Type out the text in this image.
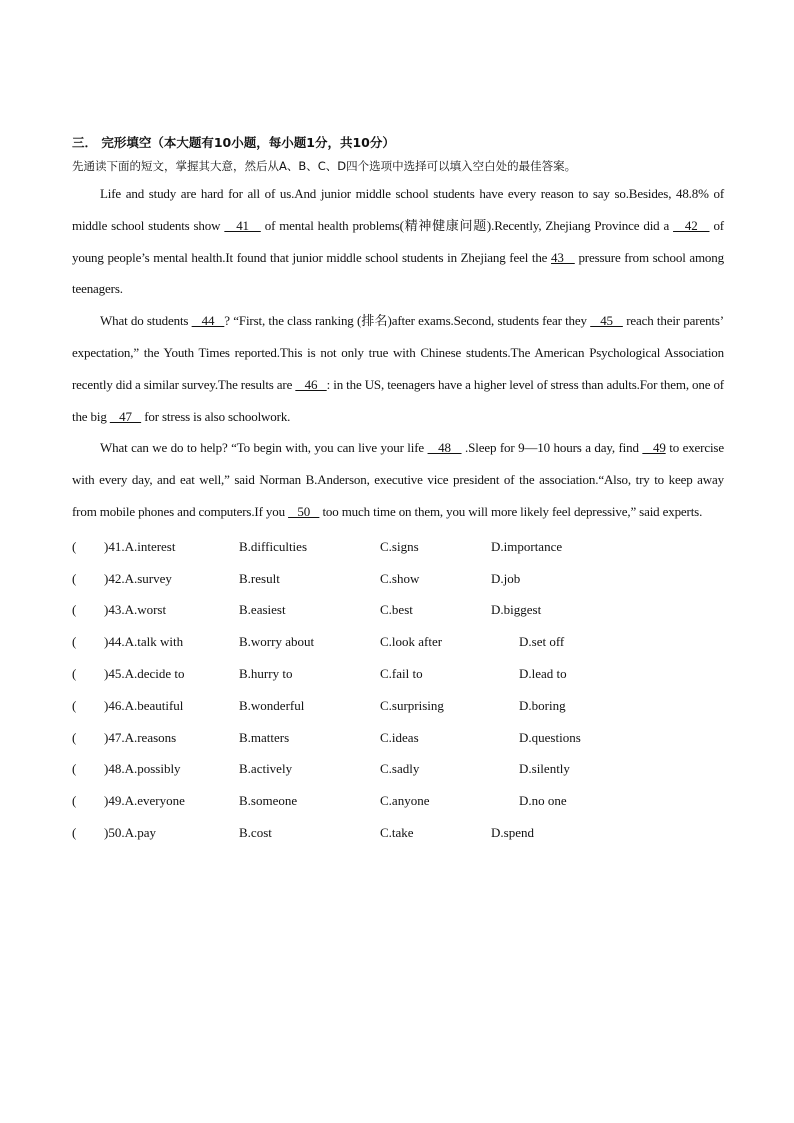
三． 完形填空（本大题有10小题，每小题1分，共10分）
先通读下面的短文，掌握其大意，然后从A、B、C、D四个选项中选择可以填入空白处的最佳答案。

Life and study are hard for all of us.And junior middle school students have every reason to say so.Besides, 48.8% of middle school students show    41    of mental health problems(精神健康问题).Recently, Zhejiang Province did a    42    of young people’s mental health.It found that junior middle school students in Zhejiang feel the 43    pressure from school among teenagers.

What do students    44   ? “First, the class ranking (排名)after exams.Second, students fear they    45    reach their parents’ expectation,” the Youth Times reported.This is not only true with Chinese students.The American Psychological Association recently did a similar survey.The results are    46   : in the US, teenagers have a higher level of stress than adults.For them, one of the big    47    for stress is also schoolwork.

What can we do to help? “To begin with, you can live your life    48    .Sleep for 9—10 hours a day, find    49 to exercise with every day, and eat well,” said Norman B.Anderson, executive vice president of the association.“Also, try to keep away from mobile phones and computers.If you    50    too much time on them, you will more likely feel depressive,” said experts.

( )41.A.interest	B.difficulties	C.signs	D.importance
( )42.A.survey	B.result	C.show	D.job
( )43.A.worst	B.easiest	C.best	D.biggest
( )44.A.talk with	B.worry about	C.look after	D.set off
( )45.A.decide to	B.hurry to	C.fail to	D.lead to
( )46.A.beautiful	B.wonderful	C.surprising	D.boring
( )47.A.reasons	B.matters	C.ideas	D.questions
( )48.A.possibly	B.actively	C.sadly	D.silently
( )49.A.everyone	B.someone	C.anyone	D.no one
( )50.A.pay	B.cost	C.take	D.spend
